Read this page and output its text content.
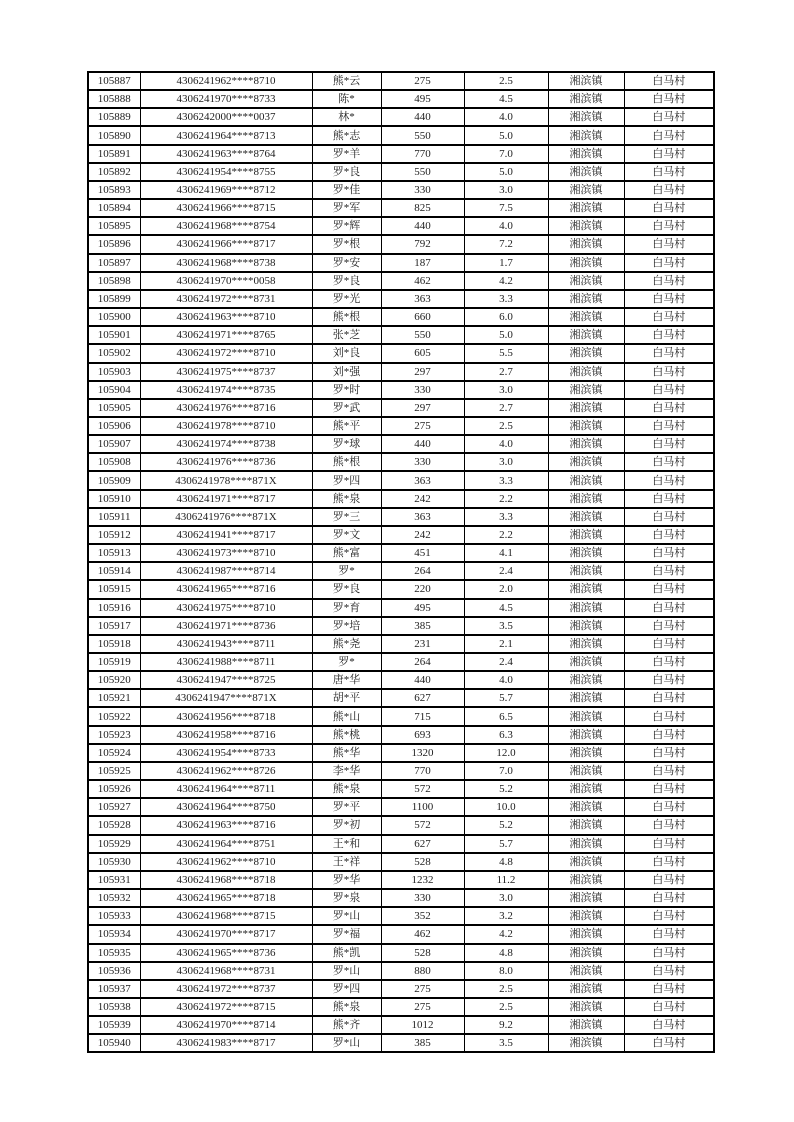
105887	4306241962****8710	熊*云	275	2.5	湘滨镇	白马村
105888	4306241970****8733	陈*	495	4.5	湘滨镇	白马村
105889	4306242000****0037	林*	440	4.0	湘滨镇	白马村
105890	4306241964****8713	熊*志	550	5.0	湘滨镇	白马村
105891	4306241963****8764	罗*羊	770	7.0	湘滨镇	白马村
105892	4306241954****8755	罗*良	550	5.0	湘滨镇	白马村
105893	4306241969****8712	罗*佳	330	3.0	湘滨镇	白马村
105894	4306241966****8715	罗*军	825	7.5	湘滨镇	白马村
105895	4306241968****8754	罗*辉	440	4.0	湘滨镇	白马村
105896	4306241966****8717	罗*根	792	7.2	湘滨镇	白马村
105897	4306241968****8738	罗*安	187	1.7	湘滨镇	白马村
105898	4306241970****0058	罗*良	462	4.2	湘滨镇	白马村
105899	4306241972****8731	罗*光	363	3.3	湘滨镇	白马村
105900	4306241963****8710	熊*根	660	6.0	湘滨镇	白马村
105901	4306241971****8765	张*芝	550	5.0	湘滨镇	白马村
105902	4306241972****8710	刘*良	605	5.5	湘滨镇	白马村
105903	4306241975****8737	刘*强	297	2.7	湘滨镇	白马村
105904	4306241974****8735	罗*时	330	3.0	湘滨镇	白马村
105905	4306241976****8716	罗*武	297	2.7	湘滨镇	白马村
105906	4306241978****8710	熊*平	275	2.5	湘滨镇	白马村
105907	4306241974****8738	罗*球	440	4.0	湘滨镇	白马村
105908	4306241976****8736	熊*根	330	3.0	湘滨镇	白马村
105909	4306241978****871X	罗*四	363	3.3	湘滨镇	白马村
105910	4306241971****8717	熊*泉	242	2.2	湘滨镇	白马村
105911	4306241976****871X	罗*三	363	3.3	湘滨镇	白马村
105912	4306241941****8717	罗*文	242	2.2	湘滨镇	白马村
105913	4306241973****8710	熊*富	451	4.1	湘滨镇	白马村
105914	4306241987****8714	罗*	264	2.4	湘滨镇	白马村
105915	4306241965****8716	罗*良	220	2.0	湘滨镇	白马村
105916	4306241975****8710	罗*育	495	4.5	湘滨镇	白马村
105917	4306241971****8736	罗*培	385	3.5	湘滨镇	白马村
105918	4306241943****8711	熊*尧	231	2.1	湘滨镇	白马村
105919	4306241988****8711	罗*	264	2.4	湘滨镇	白马村
105920	4306241947****8725	唐*华	440	4.0	湘滨镇	白马村
105921	4306241947****871X	胡*平	627	5.7	湘滨镇	白马村
105922	4306241956****8718	熊*山	715	6.5	湘滨镇	白马村
105923	4306241958****8716	熊*桃	693	6.3	湘滨镇	白马村
105924	4306241954****8733	熊*华	1320	12.0	湘滨镇	白马村
105925	4306241962****8726	李*华	770	7.0	湘滨镇	白马村
105926	4306241964****8711	熊*泉	572	5.2	湘滨镇	白马村
105927	4306241964****8750	罗*平	1100	10.0	湘滨镇	白马村
105928	4306241963****8716	罗*初	572	5.2	湘滨镇	白马村
105929	4306241964****8751	王*和	627	5.7	湘滨镇	白马村
105930	4306241962****8710	王*祥	528	4.8	湘滨镇	白马村
105931	4306241968****8718	罗*华	1232	11.2	湘滨镇	白马村
105932	4306241965****8718	罗*泉	330	3.0	湘滨镇	白马村
105933	4306241968****8715	罗*山	352	3.2	湘滨镇	白马村
105934	4306241970****8717	罗*福	462	4.2	湘滨镇	白马村
105935	4306241965****8736	熊*凯	528	4.8	湘滨镇	白马村
105936	4306241968****8731	罗*山	880	8.0	湘滨镇	白马村
105937	4306241972****8737	罗*四	275	2.5	湘滨镇	白马村
105938	4306241972****8715	熊*泉	275	2.5	湘滨镇	白马村
105939	4306241970****8714	熊*齐	1012	9.2	湘滨镇	白马村
105940	4306241983****8717	罗*山	385	3.5	湘滨镇	白马村
